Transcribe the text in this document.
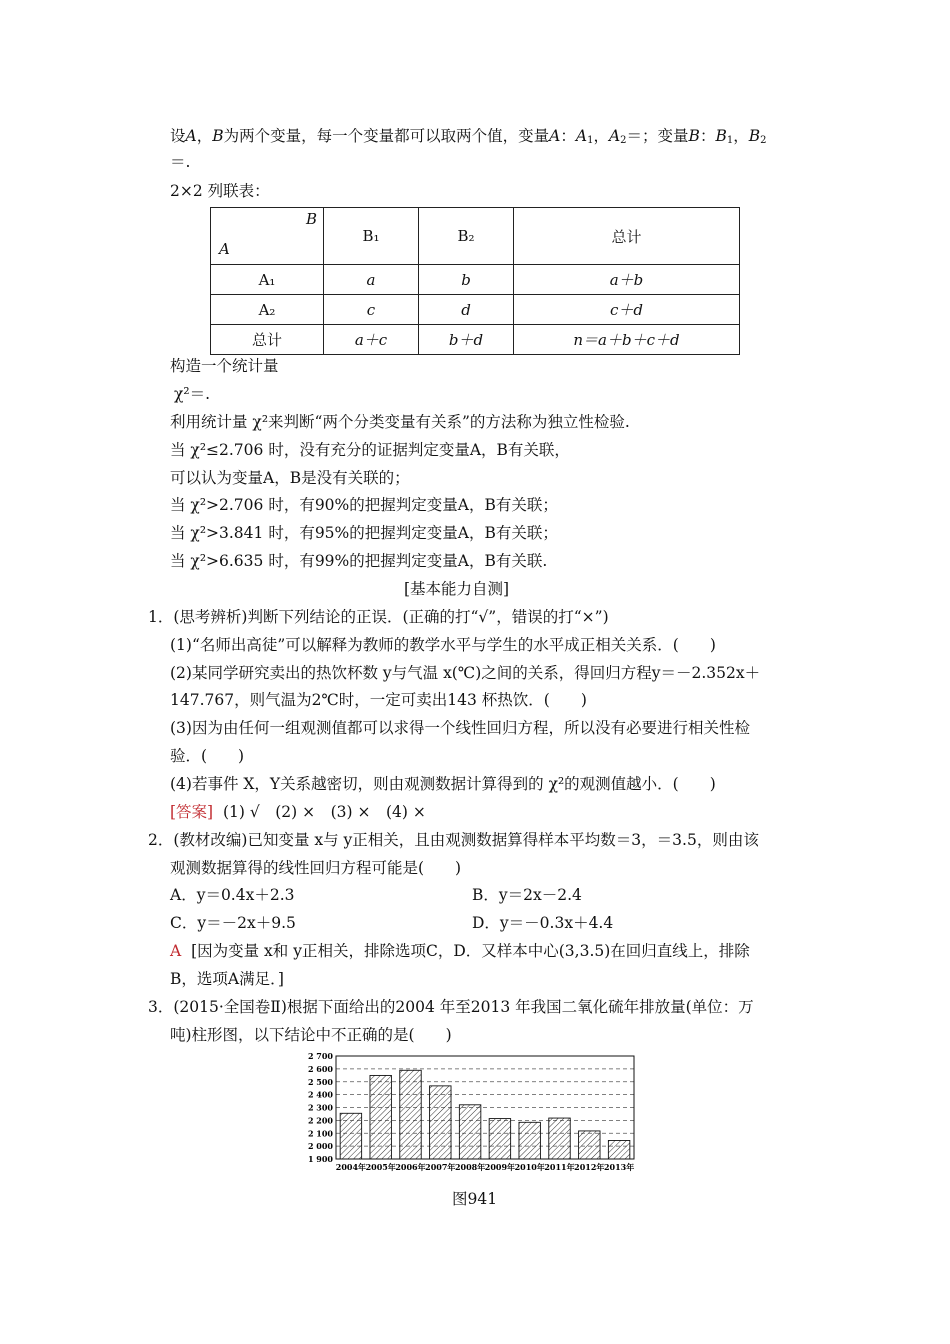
设A，B为两个变量，每一个变量都可以取两个值，变量A：$A_1$，$A_2=$；变量B：$B_1$，$B_2$
＝.
2×2 列联表：
B
A	B₁	B₂	总计
A₁	a	b	a＋b
A₂	c	d	c＋d
总计	a＋c	b＋d	n＝a＋b＋c＋d
构造一个统计量
χ²＝.
利用统计量 χ²来判断“两个分类变量有关系”的方法称为独立性检验.
当 χ²≤2.706 时，没有充分的证据判定变量A，B有关联，
可以认为变量A，B是没有关联的；
当 χ²>2.706 时，有90%的把握判定变量A，B有关联；
当 χ²>3.841 时，有95%的把握判定变量A，B有关联；
当 χ²>6.635 时，有99%的把握判定变量A，B有关联.
[基本能力自测]
1．(思考辨析)判断下列结论的正误．(正确的打“√”，错误的打“×”)
(1)“名师出高徒”可以解释为教师的教学水平与学生的水平成正相关关系．(　　)
(2)某同学研究卖出的热饮杯数 y与气温 x(℃)之间的关系，得回归方程y＝－2.352x＋
147.767，则气温为2℃时，一定可卖出143 杯热饮．(　　)
(3)因为由任何一组观测值都可以求得一个线性回归方程，所以没有必要进行相关性检
验．(　　)
(4)若事件 X，Y关系越密切，则由观测数据计算得到的 χ²的观测值越小．(　　)
[答案] (1) √　(2) ×　(3) ×　(4) ×
2．(教材改编)已知变量 x与 y正相关，且由观测数据算得样本平均数＝3，＝3.5，则由该
观测数据算得的线性回归方程可能是(　　)
A．y＝0.4x＋2.3	B．y＝2x－2.4
C．y＝－2x＋9.5	D．y＝－0.3x＋4.4
A [因为变量 x和 y正相关，排除选项C，D．又样本中心(3,3.5)在回归直线上，排除
B，选项A满足．]
3．(2015·全国卷Ⅱ)根据下面给出的2004 年至2013 年我国二氧化硫年排放量(单位：万
吨)柱形图，以下结论中不正确的是(　　)
1 900
2 000
2 100
2 200
2 300
2 400
2 500
2 600
2 700
2004年 2005年 2006年 2007年 2008年 2009年 2010年 2011年 2012年 2013年
图941
